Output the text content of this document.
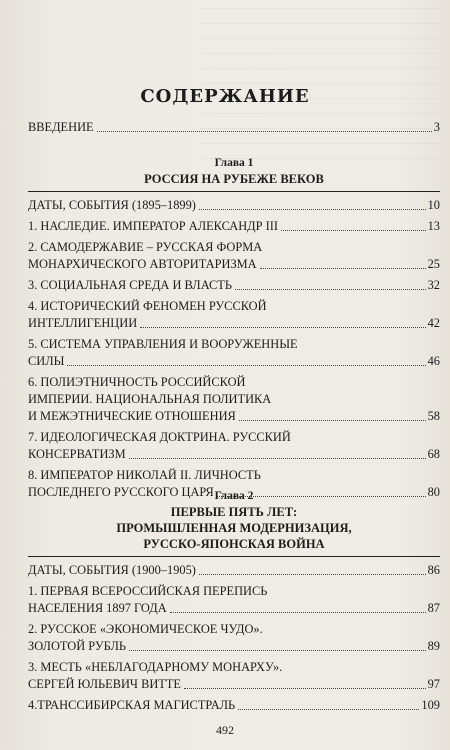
СОДЕРЖАНИЕ
ВВЕДЕНИЕ	3
Глава 1
РОССИЯ НА РУБЕЖЕ ВЕКОВ
ДАТЫ, СОБЫТИЯ (1895–1899)	10
1. НАСЛЕДИЕ. ИМПЕРАТОР АЛЕКСАНДР III	13
2. САМОДЕРЖАВИЕ – РУССКАЯ ФОРМА
МОНАРХИЧЕСКОГО АВТОРИТАРИЗМА	25
3. СОЦИАЛЬНАЯ СРЕДА И ВЛАСТЬ	32
4. ИСТОРИЧЕСКИЙ ФЕНОМЕН РУССКОЙ
ИНТЕЛЛИГЕНЦИИ	42
5. СИСТЕМА УПРАВЛЕНИЯ И ВООРУЖЕННЫЕ
СИЛЫ	46
6. ПОЛИЭТНИЧНОСТЬ РОССИЙСКОЙ
ИМПЕРИИ. НАЦИОНАЛЬНАЯ ПОЛИТИКА
И МЕЖЭТНИЧЕСКИЕ ОТНОШЕНИЯ	58
7. ИДЕОЛОГИЧЕСКАЯ ДОКТРИНА. РУССКИЙ
КОНСЕРВАТИЗМ	68
8. ИМПЕРАТОР НИКОЛАЙ II. ЛИЧНОСТЬ
ПОСЛЕДНЕГО РУССКОГО ЦАРЯ	80
Глава 2
ПЕРВЫЕ ПЯТЬ ЛЕТ:
ПРОМЫШЛЕННАЯ МОДЕРНИЗАЦИЯ,
РУССКО-ЯПОНСКАЯ ВОЙНА
ДАТЫ, СОБЫТИЯ (1900–1905)	86
1. ПЕРВАЯ ВСЕРОССИЙСКАЯ ПЕРЕПИСЬ
НАСЕЛЕНИЯ 1897 ГОДА	87
2. РУССКОЕ «ЭКОНОМИЧЕСКОЕ ЧУДО».
ЗОЛОТОЙ РУБЛЬ	89
3. МЕСТЬ «НЕБЛАГОДАРНОМУ МОНАРХУ».
СЕРГЕЙ ЮЛЬЕВИЧ ВИТТЕ	97
4.ТРАНССИБИРСКАЯ МАГИСТРАЛЬ	109
492
